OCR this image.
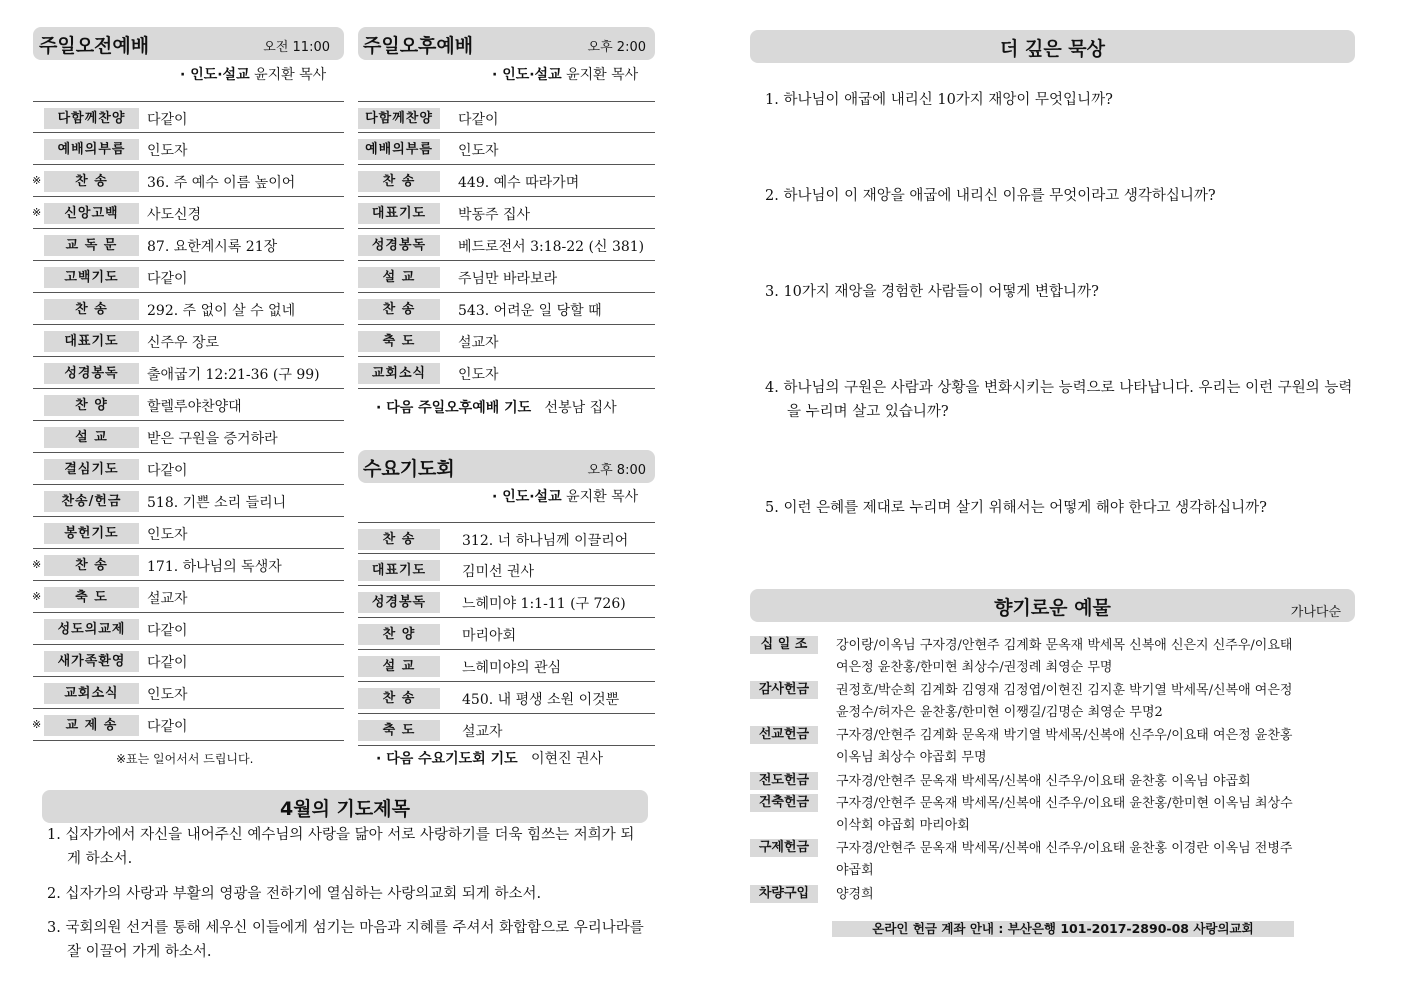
주일오전예배	오전 11:00
· 인도·설교 윤지환 목사
다함께찬양	다같이
예배의부름	인도자
※	찬 송	36. 주 예수 이름 높이어
※	신앙고백	사도신경
교 독 문	87. 요한계시록 21장
고백기도	다같이
찬 송	292. 주 없이 살 수 없네
대표기도	신주우 장로
성경봉독	출애굽기 12:21-36 (구 99)
찬 양	할렐루야찬양대
설 교	받은 구원을 증거하라
결심기도	다같이
찬송/헌금	518. 기쁜 소리 들리니
봉헌기도	인도자
※	찬 송	171. 하나님의 독생자
※	축 도	설교자
성도의교제	다같이
새가족환영	다같이
교회소식	인도자
※	교 제 송	다같이
※표는 일어서서 드립니다.
주일오후예배	오후 2:00
· 인도·설교 윤지환 목사
다함께찬양	다같이
예배의부름	인도자
찬 송	449. 예수 따라가며
대표기도	박동주 집사
성경봉독	베드로전서 3:18-22 (신 381)
설 교	주님만 바라보라
찬 송	543. 어려운 일 당할 때
축 도	설교자
교회소식	인도자
· 다음 주일오후예배 기도 선봉남 집사
수요기도회	오후 8:00
· 인도·설교 윤지환 목사
찬 송	312. 너 하나님께 이끌리어
대표기도	김미선 권사
성경봉독	느헤미야 1:1-11 (구 726)
찬 양	마리아회
설 교	느헤미야의 관심
찬 송	450. 내 평생 소원 이것뿐
축 도	설교자
· 다음 수요기도회 기도 이현진 권사
4월의 기도제목
1. 십자가에서 자신을 내어주신 예수님의 사랑을 닮아 서로 사랑하기를 더욱 힘쓰는 저희가 되게 하소서.
2. 십자가의 사랑과 부활의 영광을 전하기에 열심하는 사랑의교회 되게 하소서.
3. 국회의원 선거를 통해 세우신 이들에게 섬기는 마음과 지혜를 주셔서 화합함으로 우리나라를 잘 이끌어 가게 하소서.
더 깊은 묵상
1. 하나님이 애굽에 내리신 10가지 재앙이 무엇입니까?
2. 하나님이 이 재앙을 애굽에 내리신 이유를 무엇이라고 생각하십니까?
3. 10가지 재앙을 경험한 사람들이 어떻게 변합니까?
4. 하나님의 구원은 사람과 상황을 변화시키는 능력으로 나타납니다. 우리는 이런 구원의 능력을 누리며 살고 있습니까?
5. 이런 은혜를 제대로 누리며 살기 위해서는 어떻게 해야 한다고 생각하십니까?
향기로운 예물	가나다순
십 일 조	강이랑/이옥님 구자경/안현주 김계화 문옥재 박세목 신복애 신은지 신주우/이요태
여은정 윤찬홍/한미현 최상수/권정례 최영순 무명
감사헌금	권정호/박순희 김계화 김영재 김정엽/이현진 김지훈 박기열 박세목/신복애 여은정
윤정수/허자은 윤찬홍/한미현 이쨍길/김명순 최영순 무명2
선교헌금	구자경/안현주 김계화 문옥재 박기열 박세목/신복애 신주우/이요태 여은정 윤찬홍
이옥님 최상수 야곱회 무명
전도헌금	구자경/안현주 문옥재 박세목/신복애 신주우/이요태 윤찬홍 이옥님 야곱회
건축헌금	구자경/안현주 문옥재 박세목/신복애 신주우/이요태 윤찬홍/한미현 이옥님 최상수
이삭회 야곱회 마리아회
구제헌금	구자경/안현주 문옥재 박세목/신복애 신주우/이요태 윤찬홍 이경란 이옥님 전병주
야곱회
차량구입	양경희
온라인 헌금 계좌 안내 : 부산은행 101-2017-2890-08 사랑의교회
